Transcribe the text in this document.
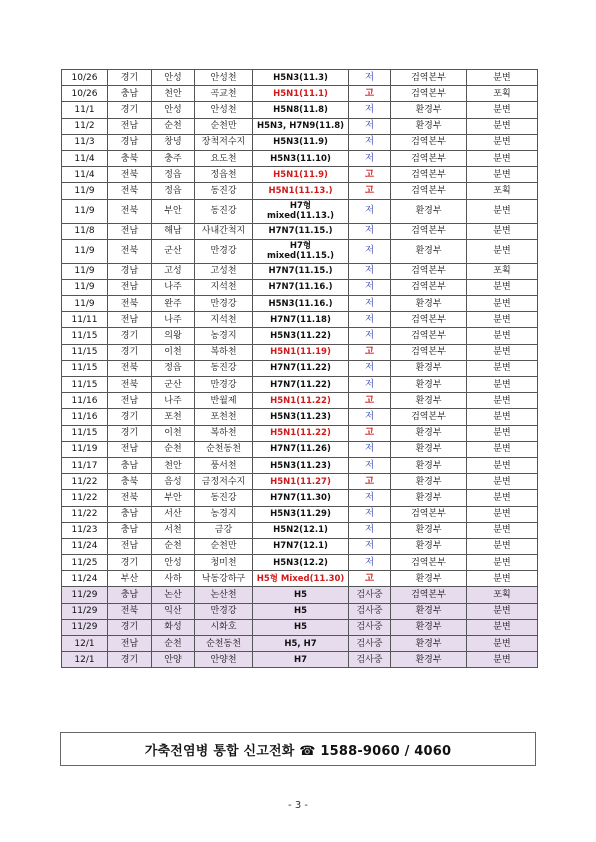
10/26	경기	안성	안성천	H5N3(11.3)	저	검역본부	분변
10/26	충남	천안	곡교천	H5N1(11.1)	고	검역본부	포획
11/1	경기	안성	안성천	H5N8(11.8)	저	환경부	분변
11/2	전남	순천	순천만	H5N3, H7N9(11.8)	저	환경부	분변
11/3	경남	창녕	장척저수지	H5N3(11.9)	저	검역본부	분변
11/4	충북	충주	요도천	H5N3(11.10)	저	검역본부	분변
11/4	전북	정읍	정읍천	H5N1(11.9)	고	검역본부	분변
11/9	전북	정읍	동진강	H5N1(11.13.)	고	검역본부	포획
11/9	전북	부안	동진강	H7형
mixed(11.13.)	저	환경부	분변
11/8	전남	해남	사내간척지	H7N7(11.15.)	저	검역본부	분변
11/9	전북	군산	만경강	H7형
mixed(11.15.)	저	환경부	분변
11/9	경남	고성	고성천	H7N7(11.15.)	저	검역본부	포획
11/9	전남	나주	지석천	H7N7(11.16.)	저	검역본부	분변
11/9	전북	완주	만경강	H5N3(11.16.)	저	환경부	분변
11/11	전남	나주	지석천	H7N7(11.18)	저	검역본부	분변
11/15	경기	의왕	농경지	H5N3(11.22)	저	검역본부	분변
11/15	경기	이천	복하천	H5N1(11.19)	고	검역본부	분변
11/15	전북	정읍	동진강	H7N7(11.22)	저	환경부	분변
11/15	전북	군산	만경강	H7N7(11.22)	저	환경부	분변
11/16	전남	나주	반월제	H5N1(11.22)	고	환경부	분변
11/16	경기	포천	포천천	H5N3(11.23)	저	검역본부	분변
11/15	경기	이천	복하천	H5N1(11.22)	고	환경부	분변
11/19	전남	순천	순천동천	H7N7(11.26)	저	환경부	분변
11/17	충남	천안	풍서천	H5N3(11.23)	저	환경부	분변
11/22	충북	음성	금정저수지	H5N1(11.27)	고	환경부	분변
11/22	전북	부안	동진강	H7N7(11.30)	저	환경부	분변
11/22	충남	서산	농경지	H5N3(11.29)	저	검역본부	분변
11/23	충남	서천	금강	H5N2(12.1)	저	환경부	분변
11/24	전남	순천	순천만	H7N7(12.1)	저	환경부	분변
11/25	경기	안성	청미천	H5N3(12.2)	저	검역본부	분변
11/24	부산	사하	낙동강하구	H5형 Mixed(11.30)	고	환경부	분변
11/29	충남	논산	논산천	H5	검사중	검역본부	포획
11/29	전북	익산	만경강	H5	검사중	환경부	분변
11/29	경기	화성	시화호	H5	검사중	환경부	분변
12/1	전남	순천	순천동천	H5, H7	검사중	환경부	분변
12/1	경기	안양	안양천	H7	검사중	환경부	분변
가축전염병 통합 신고전화 ☎ 1588-9060 / 4060
- 3 -
